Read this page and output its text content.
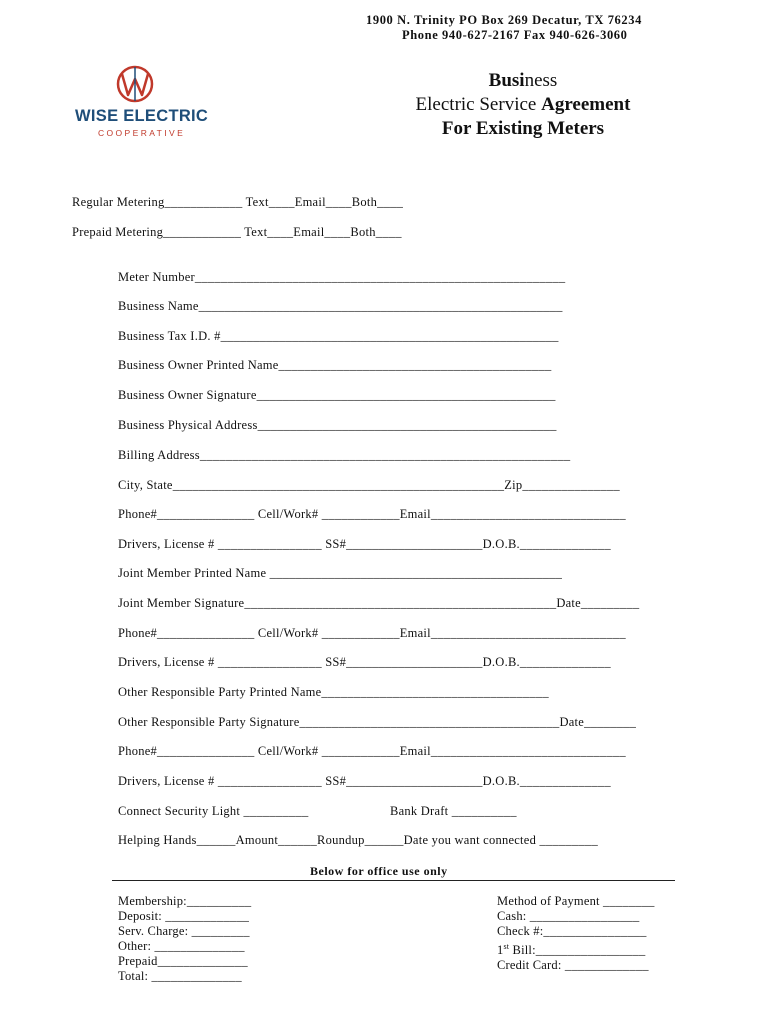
1900 N. Trinity PO Box 269 Decatur, TX 76234
Phone 940-627-2167 Fax 940-626-3060
WISE ELECTRIC
COOPERATIVE
Business
Electric Service Agreement
For Existing Meters
Regular Metering____________ Text____Email____Both____
Prepaid Metering____________ Text____Email____Both____
Meter Number_________________________________________________________
Business Name________________________________________________________
Business Tax I.D. #____________________________________________________
Business Owner Printed Name__________________________________________
Business Owner Signature______________________________________________
Business Physical Address______________________________________________
Billing Address_________________________________________________________
City, State___________________________________________________Zip_______________
Phone#_______________ Cell/Work# ____________Email______________________________
Drivers, License # ________________ SS#_____________________D.O.B.______________
Joint Member Printed Name _____________________________________________
Joint Member Signature________________________________________________Date_________
Phone#_______________ Cell/Work# ____________Email______________________________
Drivers, License # ________________ SS#_____________________D.O.B.______________
Other Responsible Party Printed Name___________________________________
Other Responsible Party Signature________________________________________Date________
Phone#_______________ Cell/Work# ____________Email______________________________
Drivers, License # ________________ SS#_____________________D.O.B.______________
Connect Security Light __________	Bank Draft __________
Helping Hands______Amount______Roundup______Date you want connected _________
Below for office use only
Membership:__________
Deposit: _____________
Serv. Charge: _________
Other: ______________
Prepaid______________
Total: ______________
Method of Payment ________
Cash: _________________
Check #:________________
1st Bill:_________________
Credit Card: _____________
